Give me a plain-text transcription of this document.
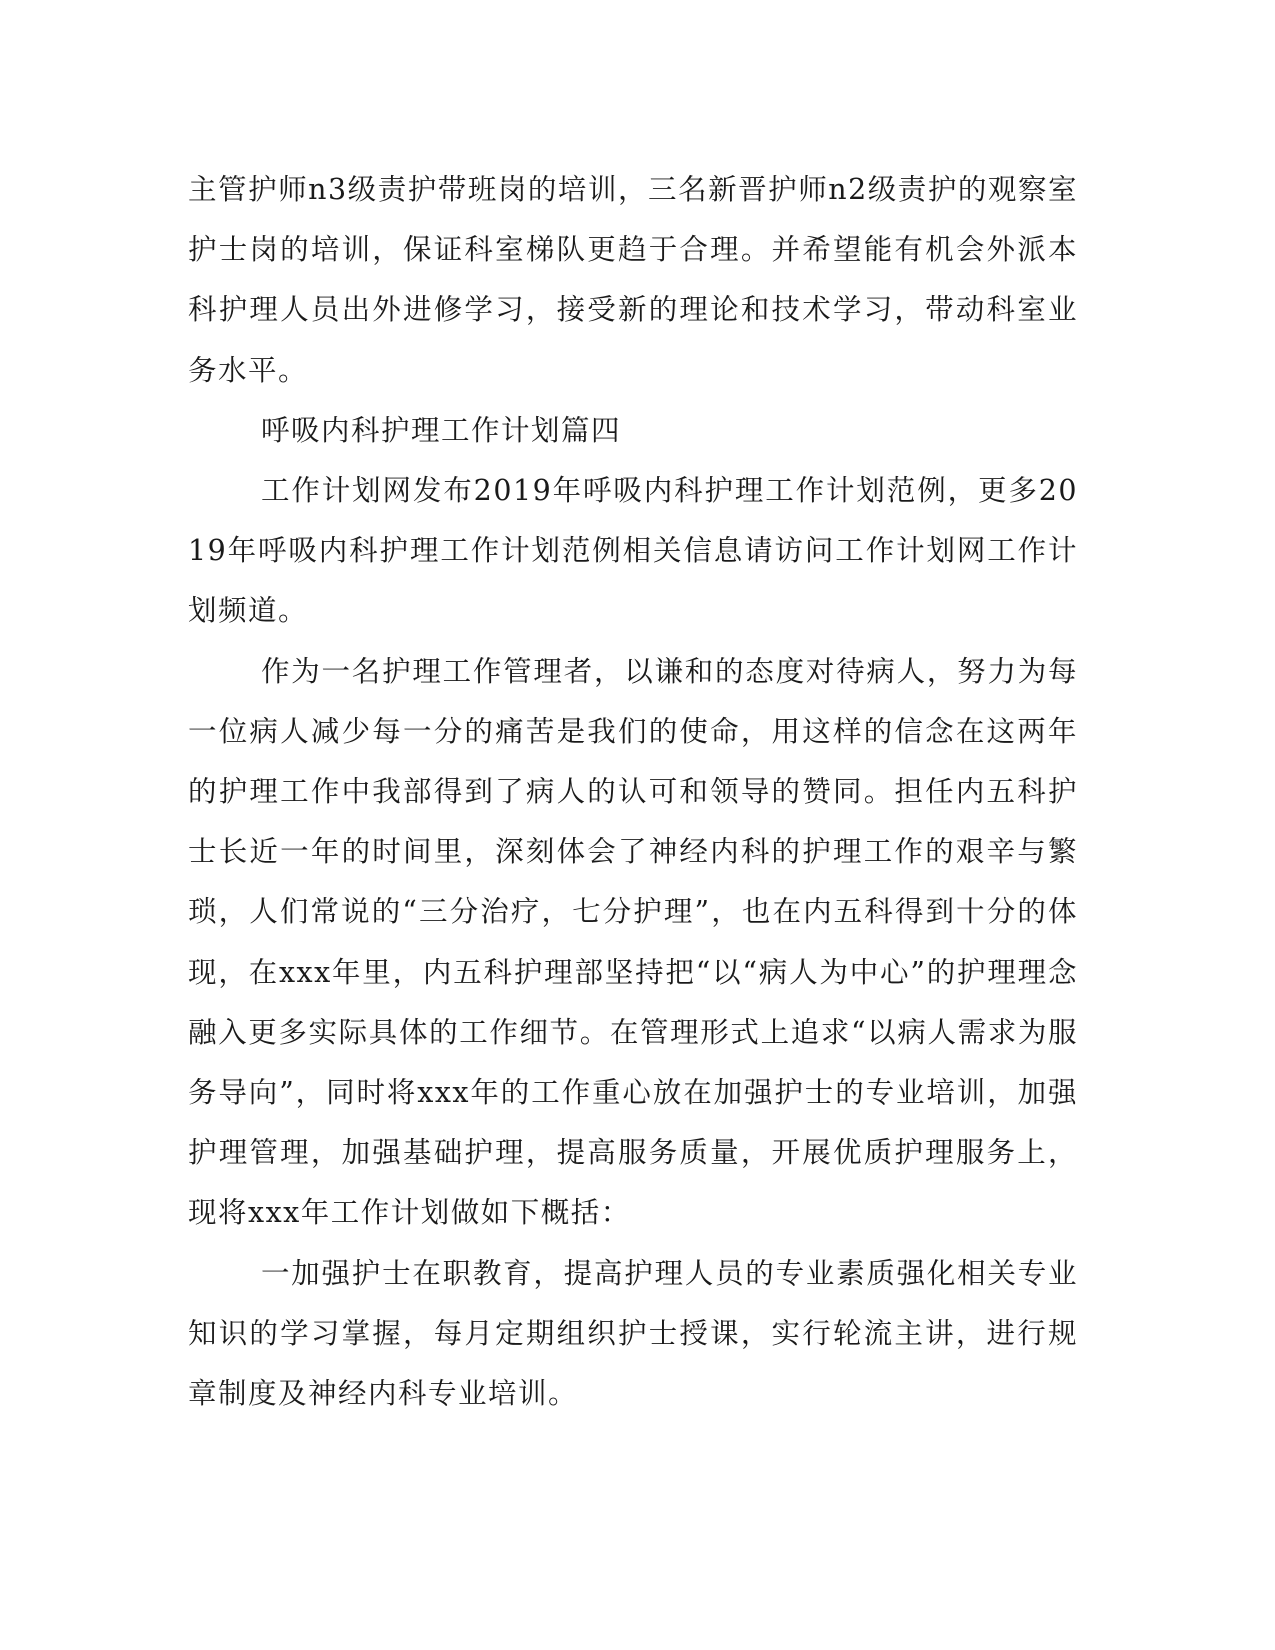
主管护师n3级责护带班岗的培训，三名新晋护师n2级责护的观察室护士岗的培训，保证科室梯队更趋于合理。并希望能有机会外派本科护理人员出外进修学习，接受新的理论和技术学习，带动科室业务水平。

呼吸内科护理工作计划篇四

工作计划网发布2019年呼吸内科护理工作计划范例，更多2019年呼吸内科护理工作计划范例相关信息请访问工作计划网工作计划频道。

作为一名护理工作管理者，以谦和的态度对待病人，努力为每一位病人减少每一分的痛苦是我们的使命，用这样的信念在这两年的护理工作中我部得到了病人的认可和领导的赞同。担任内五科护士长近一年的时间里，深刻体会了神经内科的护理工作的艰辛与繁琐，人们常说的“三分治疗，七分护理”，也在内五科得到十分的体现，在xxx年里，内五科护理部坚持把“以“病人为中心”的护理理念融入更多实际具体的工作细节。在管理形式上追求“以病人需求为服务导向”，同时将xxx年的工作重心放在加强护士的专业培训，加强护理管理，加强基础护理，提高服务质量，开展优质护理服务上，现将xxx年工作计划做如下概括：

一加强护士在职教育，提高护理人员的专业素质强化相关专业知识的学习掌握，每月定期组织护士授课，实行轮流主讲，进行规章制度及神经内科专业培训。
